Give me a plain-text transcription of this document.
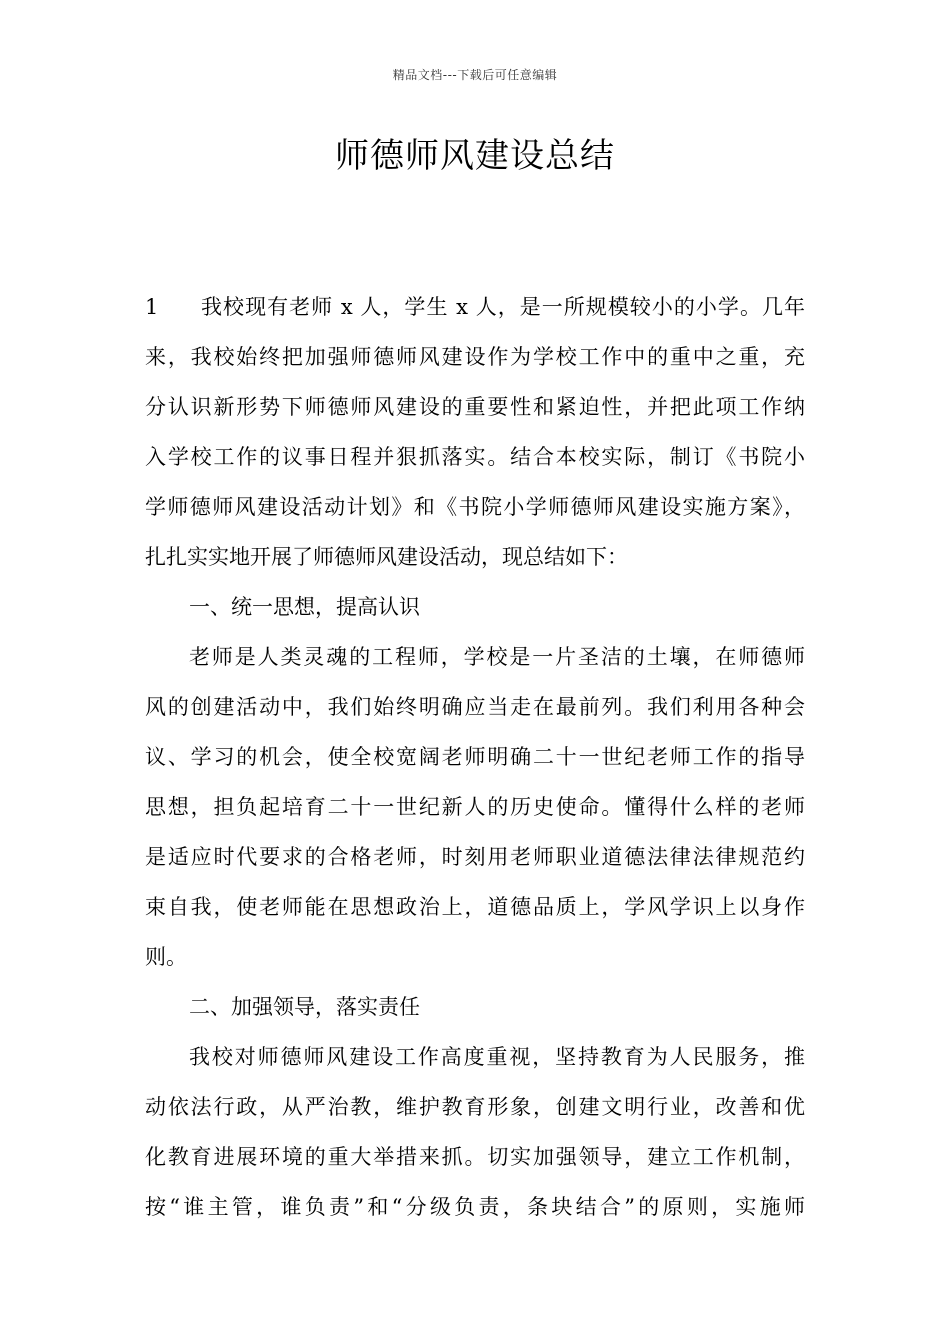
精品文档---下载后可任意编辑
师德师风建设总结
1 我校现有老师 x 人，学生 x 人，是一所规模较小的小学。几年
来，我校始终把加强师德师风建设作为学校工作中的重中之重，充
分认识新形势下师德师风建设的重要性和紧迫性，并把此项工作纳
入学校工作的议事日程并狠抓落实。结合本校实际，制订《书院小
学师德师风建设活动计划》和《书院小学师德师风建设实施方案》，
扎扎实实地开展了师德师风建设活动，现总结如下：
一、统一思想，提高认识
老师是人类灵魂的工程师，学校是一片圣洁的土壤，在师德师
风的创建活动中，我们始终明确应当走在最前列。我们利用各种会
议、学习的机会，使全校宽阔老师明确二十一世纪老师工作的指导
思想，担负起培育二十一世纪新人的历史使命。懂得什么样的老师
是适应时代要求的合格老师，时刻用老师职业道德法律法律规范约
束自我，使老师能在思想政治上，道德品质上，学风学识上以身作
则。
二、加强领导，落实责任
我校对师德师风建设工作高度重视，坚持教育为人民服务，推
动依法行政，从严治教，维护教育形象，创建文明行业，改善和优
化教育进展环境的重大举措来抓。切实加强领导，建立工作机制，
按“谁主管，谁负责”和“分级负责，条块结合”的原则，实施师
